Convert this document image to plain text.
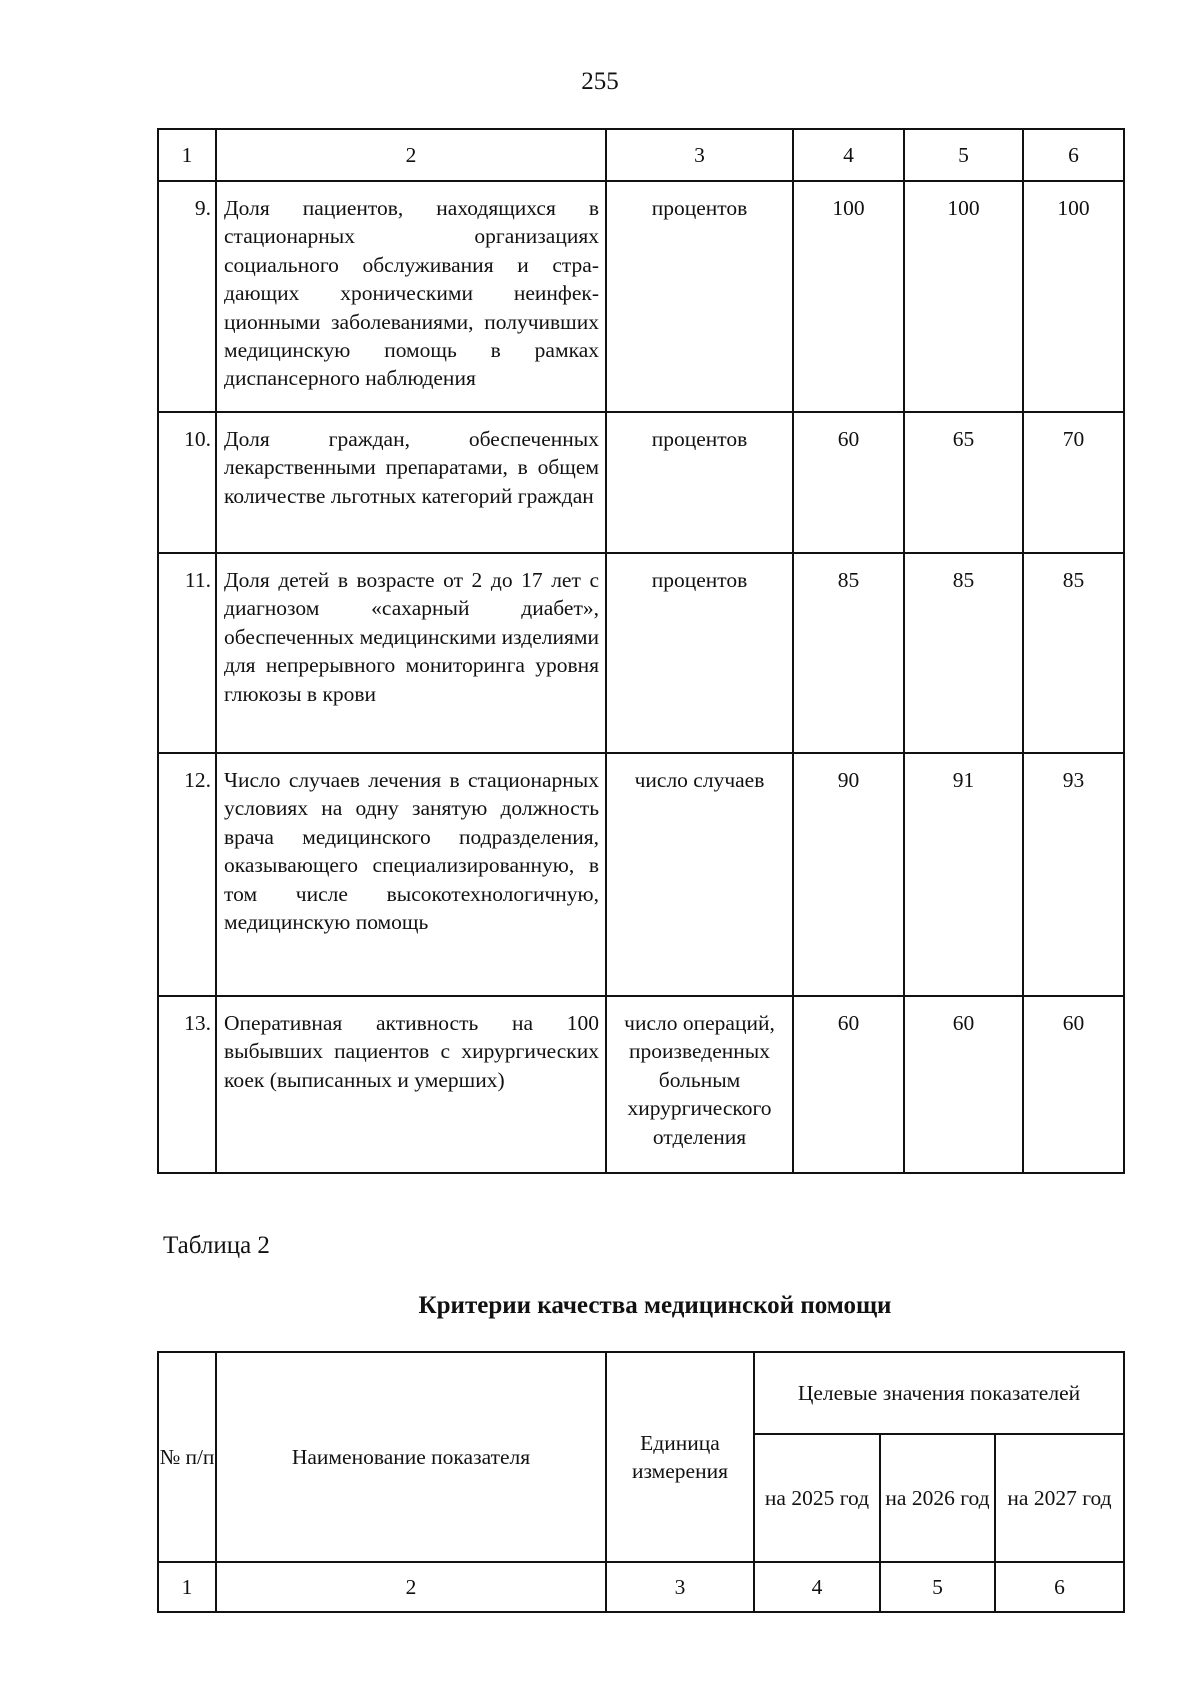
255
1	2	3	4	5	6
9.	Доля пациентов, находящихся в стационарных организациях социального обслуживания и страдающих хроническими неинфекционными заболеваниями, получивших медицинскую помощь в рамках диспансерного наблюдения	процентов	100	100	100
10.	Доля граждан, обеспеченных лекарственными препаратами, в общем количестве льготных категорий граждан	процентов	60	65	70
11.	Доля детей в возрасте от 2 до 17 лет с диагнозом «сахарный диабет», обеспеченных медицинскими изделиями для непрерывного мониторинга уровня глюкозы в крови	процентов	85	85	85
12.	Число случаев лечения в стационарных условиях на одну занятую должность врача медицинского подразделения, оказывающего специализированную, в том числе высокотехнологичную, медицинскую помощь	число случаев	90	91	93
13.	Оперативная активность на 100 выбывших пациентов с хирургических коек (выписанных и умерших)	число операций, произведенных больным хирургического отделения	60	60	60
Таблица 2
Критерии качества медицинской помощи
№ п/п	Наименование показателя	Единица измерения	Целевые значения показателей		
			на 2025 год	на 2026 год	на 2027 год
1	2	3	4	5	6
